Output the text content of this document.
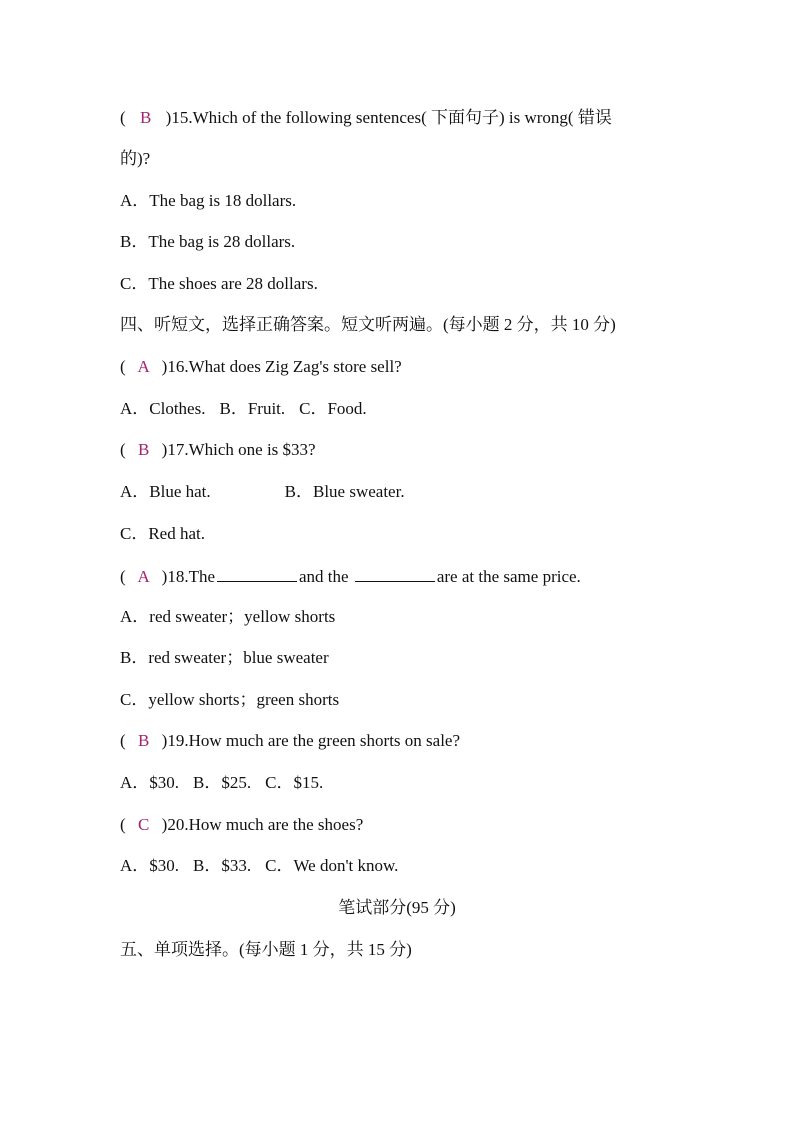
( B )15.Which of the following sentences( 下面句子) is wrong( 错误
的)?
A．The bag is 18 dollars.
B．The bag is 28 dollars.
C．The shoes are 28 dollars.
四、听短文，选择正确答案。短文听两遍。(每小题 2 分，共 10 分)
( A )16.What does Zig Zag's store sell?
A．Clothes. B．Fruit. C．Food.
( B )17.Which one is $33?
A．Blue hat.	B．Blue sweater.
C．Red hat.
( A )18.The	and the	are at the same price.
A．red sweater；yellow shorts
B．red sweater；blue sweater
C．yellow shorts；green shorts
( B )19.How much are the green shorts on sale?
A．$30. B．$25. C．$15.
( C )20.How much are the shoes?
A．$30. B．$33. C．We don't know.
笔试部分(95 分)
五、单项选择。(每小题 1 分，共 15 分)
